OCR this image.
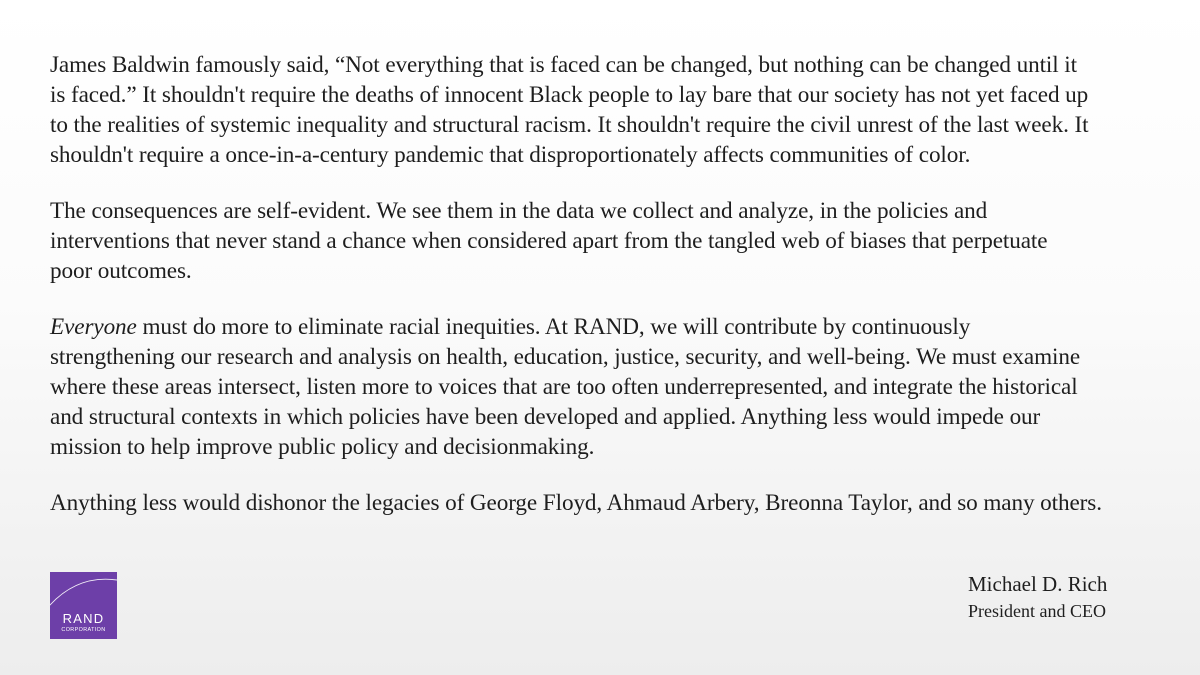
James Baldwin famously said, “Not everything that is faced can be changed, but nothing can be changed until it
is faced.” It shouldn't require the deaths of innocent Black people to lay bare that our society has not yet faced up
to the realities of systemic inequality and structural racism. It shouldn't require the civil unrest of the last week. It
shouldn't require a once-in-a-century pandemic that disproportionately affects communities of color.

The consequences are self-evident. We see them in the data we collect and analyze, in the policies and
interventions that never stand a chance when considered apart from the tangled web of biases that perpetuate
poor outcomes.

Everyone must do more to eliminate racial inequities. At RAND, we will contribute by continuously
strengthening our research and analysis on health, education, justice, security, and well-being. We must examine
where these areas intersect, listen more to voices that are too often underrepresented, and integrate the historical
and structural contexts in which policies have been developed and applied. Anything less would impede our
mission to help improve public policy and decisionmaking.

Anything less would dishonor the legacies of George Floyd, Ahmaud Arbery, Breonna Taylor, and so many others.

RAND
CORPORATION
Michael D. Rich
President and CEO
